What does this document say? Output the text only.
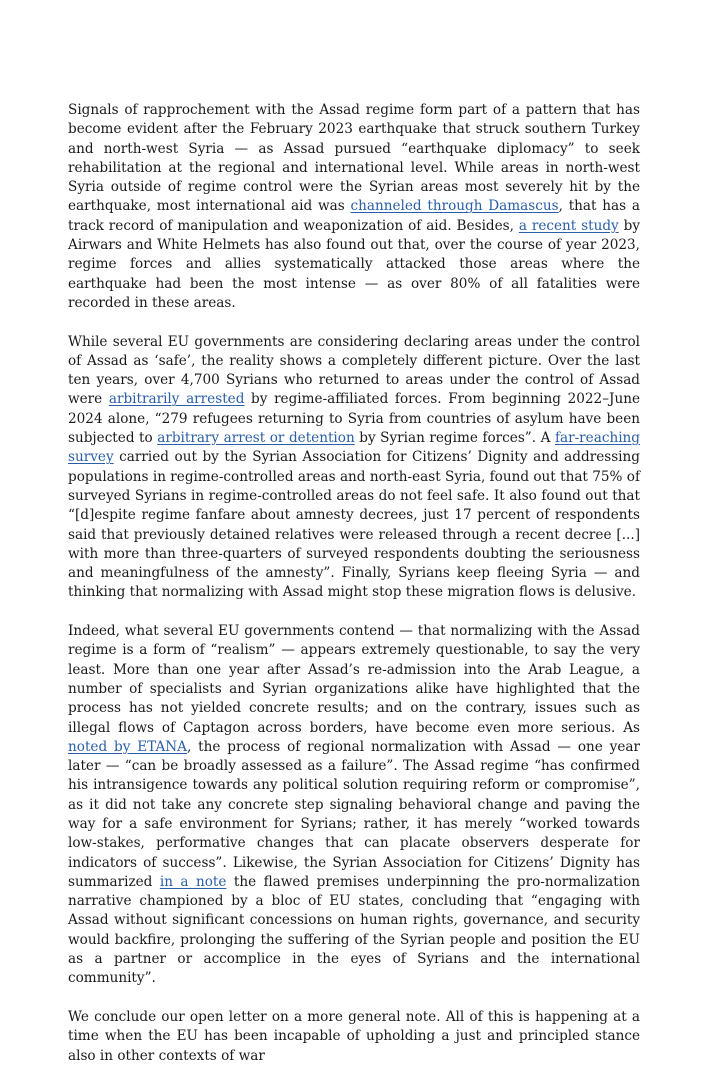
Signals of rapprochement with the Assad regime form part of a pattern that has become evident after the February 2023 earthquake that struck southern Turkey and north-west Syria — as Assad pursued “earthquake diplomacy” to seek rehabilitation at the regional and international level. While areas in north-west Syria outside of regime control were the Syrian areas most severely hit by the earthquake, most international aid was channeled through Damascus, that has a track record of manipulation and weaponization of aid. Besides, a recent study by Airwars and White Helmets has also found out that, over the course of year 2023, regime forces and allies systematically attacked those areas where the earthquake had been the most intense — as over 80% of all fatalities were recorded in these areas.

While several EU governments are considering declaring areas under the control of Assad as ‘safe’, the reality shows a completely different picture. Over the last ten years, over 4,700 Syrians who returned to areas under the control of Assad were arbitrarily arrested by regime-affiliated forces. From beginning 2022–June 2024 alone, “279 refugees returning to Syria from countries of asylum have been subjected to arbitrary arrest or detention by Syrian regime forces”. A far-reaching survey carried out by the Syrian Association for Citizens’ Dignity and addressing populations in regime-controlled areas and north-east Syria, found out that 75% of surveyed Syrians in regime-controlled areas do not feel safe. It also found out that “[d]espite regime fanfare about amnesty decrees, just 17 percent of respondents said that previously detained relatives were released through a recent decree [...] with more than three-quarters of surveyed respondents doubting the seriousness and meaningfulness of the amnesty”. Finally, Syrians keep fleeing Syria — and thinking that normalizing with Assad might stop these migration flows is delusive.

Indeed, what several EU governments contend — that normalizing with the Assad regime is a form of “realism” — appears extremely questionable, to say the very least. More than one year after Assad’s re-admission into the Arab League, a number of specialists and Syrian organizations alike have highlighted that the process has not yielded concrete results; and on the contrary, issues such as illegal flows of Captagon across borders, have become even more serious. As noted by ETANA, the process of regional normalization with Assad — one year later — “can be broadly assessed as a failure”. The Assad regime “has confirmed his intransigence towards any political solution requiring reform or compromise”, as it did not take any concrete step signaling behavioral change and paving the way for a safe environment for Syrians; rather, it has merely “worked towards low-stakes, performative changes that can placate observers desperate for indicators of success”. Likewise, the Syrian Association for Citizens’ Dignity has summarized in a note the flawed premises underpinning the pro-normalization narrative championed by a bloc of EU states, concluding that “engaging with Assad without significant concessions on human rights, governance, and security would backfire, prolonging the suffering of the Syrian people and position the EU as a partner or accomplice in the eyes of Syrians and the international community”.

We conclude our open letter on a more general note. All of this is happening at a time when the EU has been incapable of upholding a just and principled stance also in other contexts of war
